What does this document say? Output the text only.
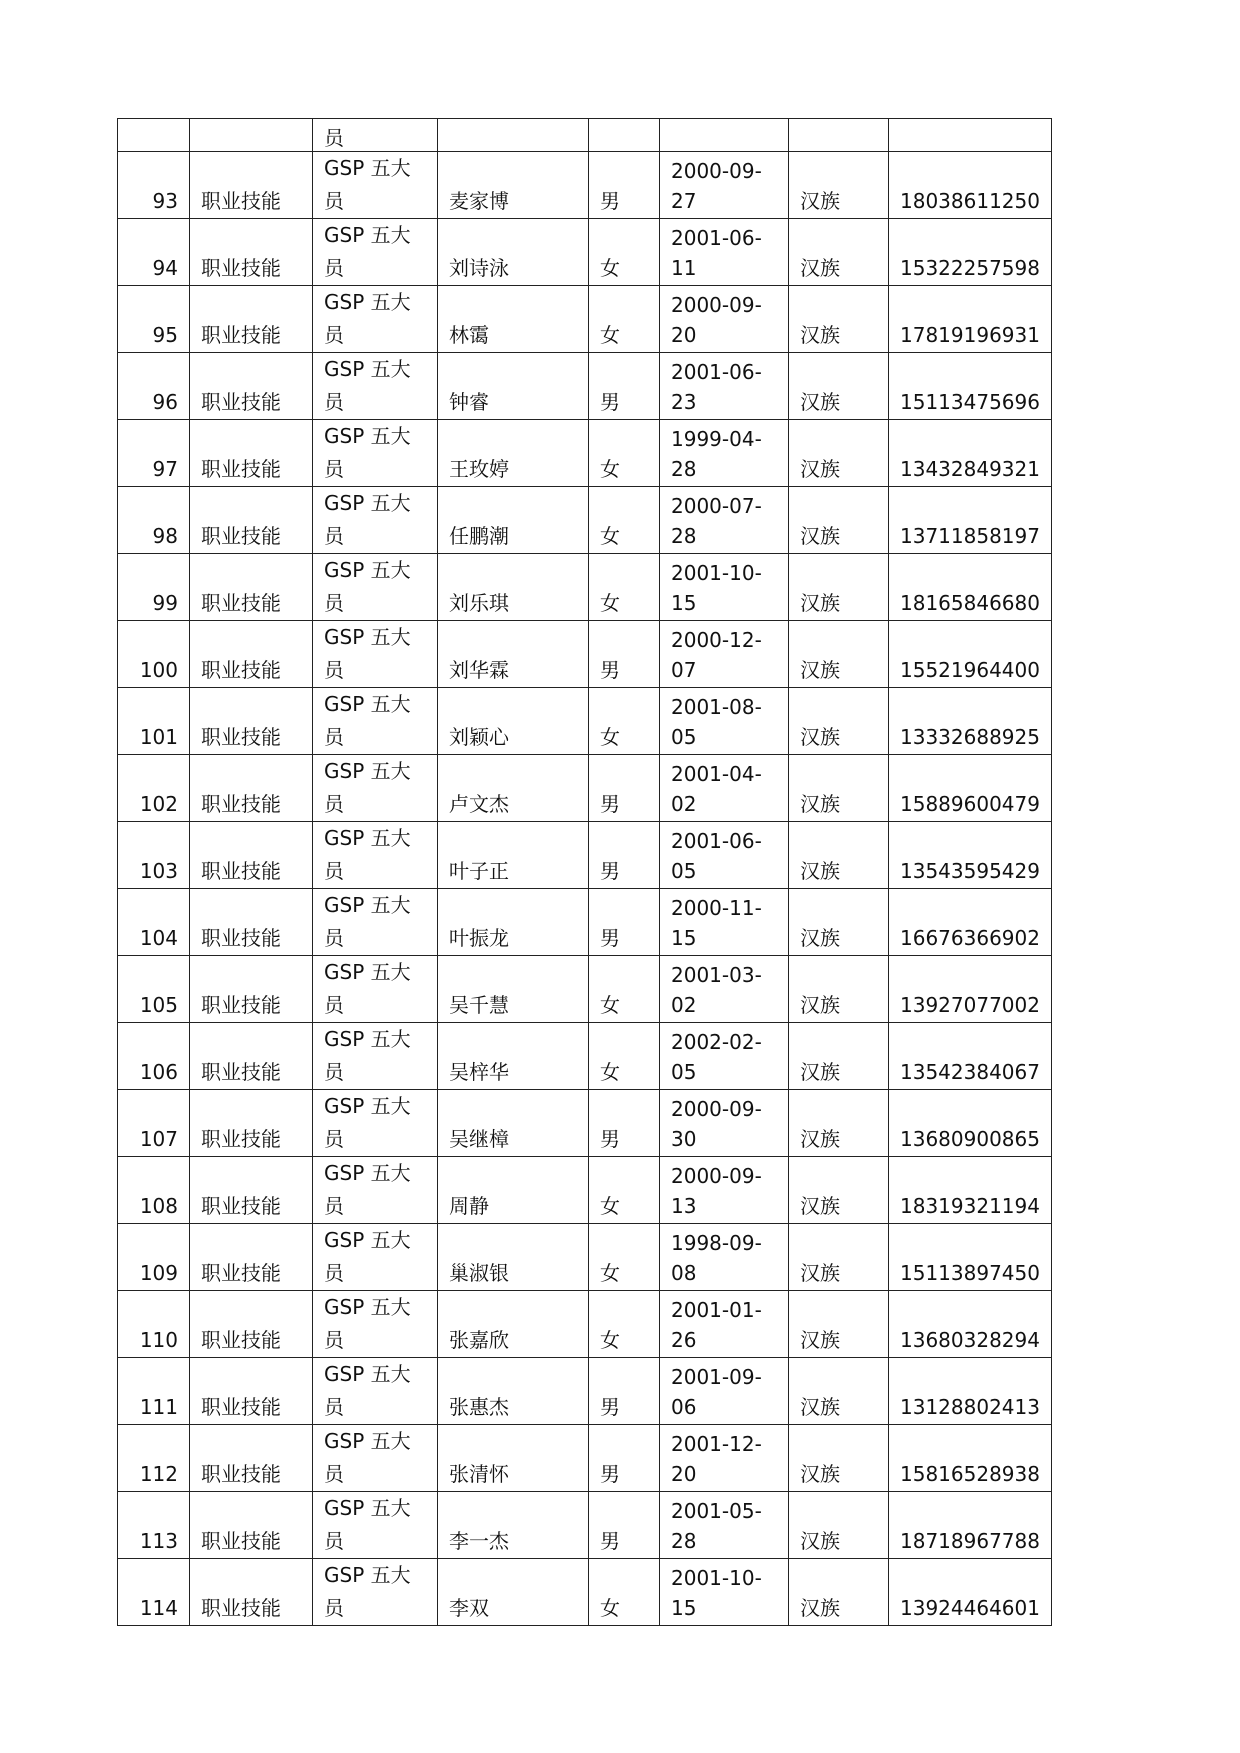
		员					

93	职业技能	GSP 五大
员	麦家博	男	2000-09-27	汉族	18038611250

94	职业技能	GSP 五大
员	刘诗泳	女	2001-06-11	汉族	15322257598

95	职业技能	GSP 五大
员	林霭	女	2000-09-20	汉族	17819196931

96	职业技能	GSP 五大
员	钟睿	男	2001-06-23	汉族	15113475696

97	职业技能	GSP 五大
员	王玫婷	女	1999-04-28	汉族	13432849321

98	职业技能	GSP 五大
员	任鹏潮	女	2000-07-28	汉族	13711858197

99	职业技能	GSP 五大
员	刘乐琪	女	2001-10-15	汉族	18165846680

100	职业技能	GSP 五大
员	刘华霖	男	2000-12-07	汉族	15521964400

101	职业技能	GSP 五大
员	刘颖心	女	2001-08-05	汉族	13332688925

102	职业技能	GSP 五大
员	卢文杰	男	2001-04-02	汉族	15889600479

103	职业技能	GSP 五大
员	叶子正	男	2001-06-05	汉族	13543595429

104	职业技能	GSP 五大
员	叶振龙	男	2000-11-15	汉族	16676366902

105	职业技能	GSP 五大
员	吴千慧	女	2001-03-02	汉族	13927077002

106	职业技能	GSP 五大
员	吴梓华	女	2002-02-05	汉族	13542384067

107	职业技能	GSP 五大
员	吴继樟	男	2000-09-30	汉族	13680900865

108	职业技能	GSP 五大
员	周静	女	2000-09-13	汉族	18319321194

109	职业技能	GSP 五大
员	巢淑银	女	1998-09-08	汉族	15113897450

110	职业技能	GSP 五大
员	张嘉欣	女	2001-01-26	汉族	13680328294

111	职业技能	GSP 五大
员	张惠杰	男	2001-09-06	汉族	13128802413

112	职业技能	GSP 五大
员	张清怀	男	2001-12-20	汉族	15816528938

113	职业技能	GSP 五大
员	李一杰	男	2001-05-28	汉族	18718967788

114	职业技能	GSP 五大
员	李双	女	2001-10-15	汉族	13924464601
